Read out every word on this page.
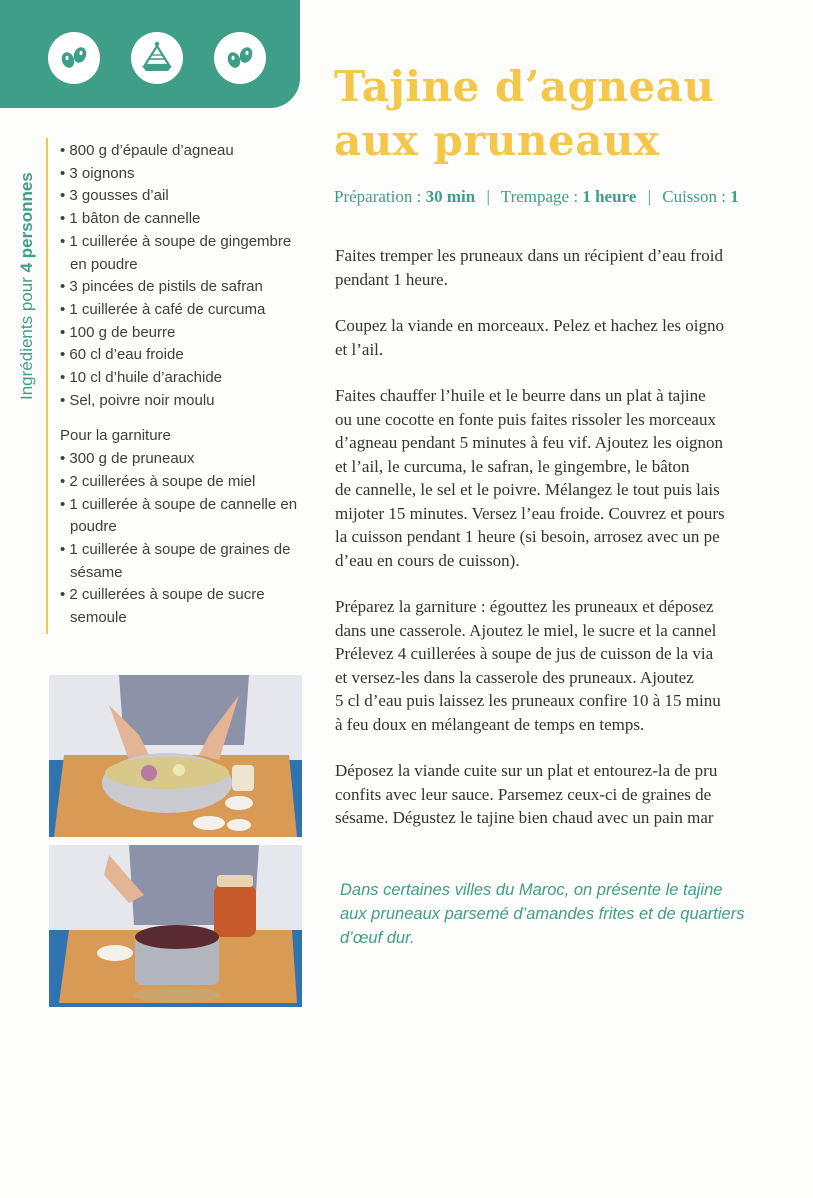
Tajine d’agneau
aux pruneaux
Préparation : 30 min | Trempage : 1 heure | Cuisson : 1
Ingrédients pour 4 personnes
• 800 g d’épaule d’agneau
• 3 oignons
• 3 gousses d’ail
• 1 bâton de cannelle
• 1 cuillerée à soupe de gingembre en poudre
• 3 pincées de pistils de safran
• 1 cuillerée à café de curcuma
• 100 g de beurre
• 60 cl d’eau froide
• 10 cl d’huile d’arachide
• Sel, poivre noir moulu
Pour la garniture
• 300 g de pruneaux
• 2 cuillerées à soupe de miel
• 1 cuillerée à soupe de cannelle en poudre
• 1 cuillerée à soupe de graines de sésame
• 2 cuillerées à soupe de sucre semoule

Faites tremper les pruneaux dans un récipient d’eau froid
pendant 1 heure.

Coupez la viande en morceaux. Pelez et hachez les oigno
et l’ail.

Faites chauffer l’huile et le beurre dans un plat à tajine
ou une cocotte en fonte puis faites rissoler les morceaux
d’agneau pendant 5 minutes à feu vif. Ajoutez les oignon
et l’ail, le curcuma, le safran, le gingembre, le bâton
de cannelle, le sel et le poivre. Mélangez le tout puis lais
mijoter 15 minutes. Versez l’eau froide. Couvrez et pours
la cuisson pendant 1 heure (si besoin, arrosez avec un pe
d’eau en cours de cuisson).

Préparez la garniture : égouttez les pruneaux et déposez
dans une casserole. Ajoutez le miel, le sucre et la cannel
Prélevez 4 cuillerées à soupe de jus de cuisson de la via
et versez-les dans la casserole des pruneaux. Ajoutez
5 cl d’eau puis laissez les pruneaux confire 10 à 15 minu
à feu doux en mélangeant de temps en temps.

Déposez la viande cuite sur un plat et entourez-la de pru
confits avec leur sauce. Parsemez ceux-ci de graines de
sésame. Dégustez le tajine bien chaud avec un pain mar

Dans certaines villes du Maroc, on présente le tajine
aux pruneaux parsemé d’amandes frites et de quartiers
d’œuf dur.
